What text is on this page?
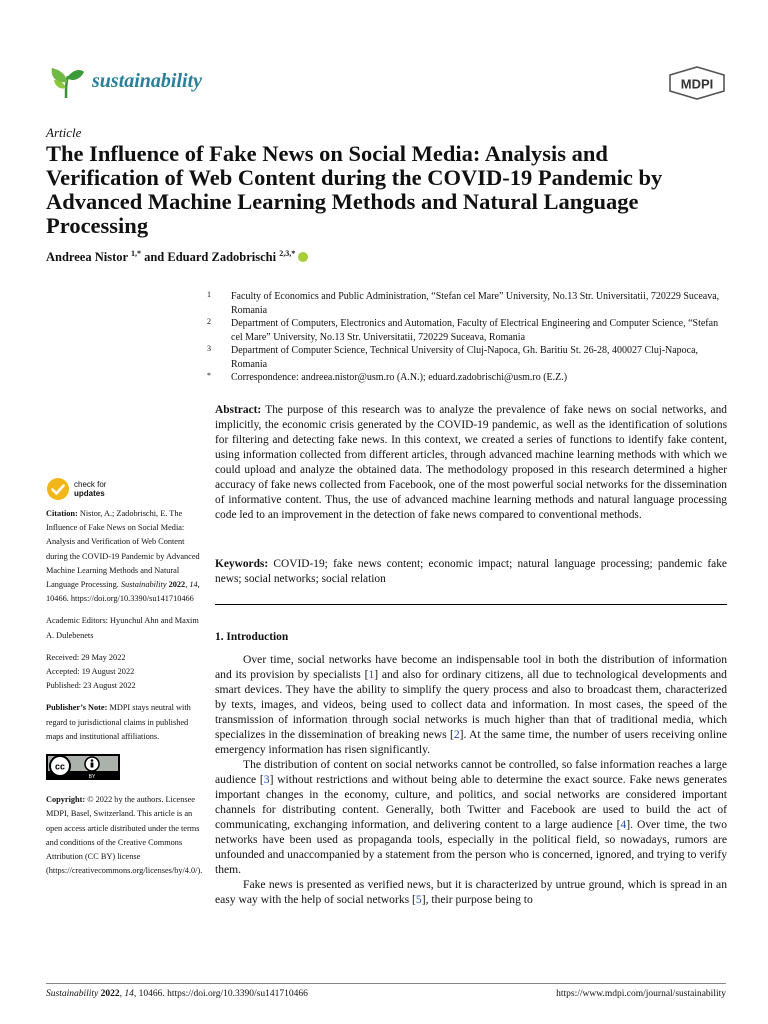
sustainability	MDPI
Article
The Influence of Fake News on Social Media: Analysis and Verification of Web Content during the COVID-19 Pandemic by Advanced Machine Learning Methods and Natural Language Processing
Andreea Nistor $^{1,*}$ and Eduard Zadobrischi $^{2,3,*}$
1 Faculty of Economics and Public Administration, “Stefan cel Mare” University, No.13 Str. Universitatii, 720229 Suceava, Romania
2 Department of Computers, Electronics and Automation, Faculty of Electrical Engineering and Computer Science, “Stefan cel Mare” University, No.13 Str. Universitatii, 720229 Suceava, Romania
3 Department of Computer Science, Technical University of Cluj-Napoca, Gh. Baritiu St. 26-28, 400027 Cluj-Napoca, Romania
* Correspondence: andreea.nistor@usm.ro (A.N.); eduard.zadobrischi@usm.ro (E.Z.)
check for
updates
Citation: Nistor, A.; Zadobrischi, E. The Influence of Fake News on Social Media: Analysis and Verification of Web Content during the COVID-19 Pandemic by Advanced Machine Learning Methods and Natural Language Processing. Sustainability 2022, 14, 10466. https://doi.org/10.3390/su141710466
Academic Editors: Hyunchul Ahn and Maxim A. Dulebenets
Received: 29 May 2022
Accepted: 19 August 2022
Published: 23 August 2022
Publisher’s Note: MDPI stays neutral with regard to jurisdictional claims in published maps and institutional affiliations.
cc
BY
Copyright: © 2022 by the authors. Licensee MDPI, Basel, Switzerland. This article is an open access article distributed under the terms and conditions of the Creative Commons Attribution (CC BY) license (https://creativecommons.org/licenses/by/4.0/).
Abstract: The purpose of this research was to analyze the prevalence of fake news on social networks, and implicitly, the economic crisis generated by the COVID-19 pandemic, as well as the identification of solutions for filtering and detecting fake news. In this context, we created a series of functions to identify fake content, using information collected from different articles, through advanced machine learning methods with which we could upload and analyze the obtained data. The methodology proposed in this research determined a higher accuracy of fake news collected from Facebook, one of the most powerful social networks for the dissemination of informative content. Thus, the use of advanced machine learning methods and natural language processing code led to an improvement in the detection of fake news compared to conventional methods.
Keywords: COVID-19; fake news content; economic impact; natural language processing; pandemic fake news; social networks; social relation
1. Introduction

Over time, social networks have become an indispensable tool in both the distribution of information and its provision by specialists [1] and also for ordinary citizens, all due to technological developments and smart devices. They have the ability to simplify the query process and also to broadcast them, characterized by texts, images, and videos, being used to collect data and information. In most cases, the speed of the transmission of information through social networks is much higher than that of traditional media, which specializes in the dissemination of breaking news [2]. At the same time, the number of users receiving online emergency information has risen significantly.

The distribution of content on social networks cannot be controlled, so false information reaches a large audience [3] without restrictions and without being able to determine the exact source. Fake news generates important changes in the economy, culture, and politics, and social networks are considered important channels for distributing content. Generally, both Twitter and Facebook are used to build the act of communicating, exchanging information, and delivering content to a large audience [4]. Over time, the two networks have been used as propaganda tools, especially in the political field, so nowadays, rumors are unfounded and unaccompanied by a statement from the person who is concerned, ignored, and trying to verify them.

Fake news is presented as verified news, but it is characterized by untrue ground, which is spread in an easy way with the help of social networks [5], their purpose being to

Sustainability 2022, 14, 10466. https://doi.org/10.3390/su141710466	https://www.mdpi.com/journal/sustainability
